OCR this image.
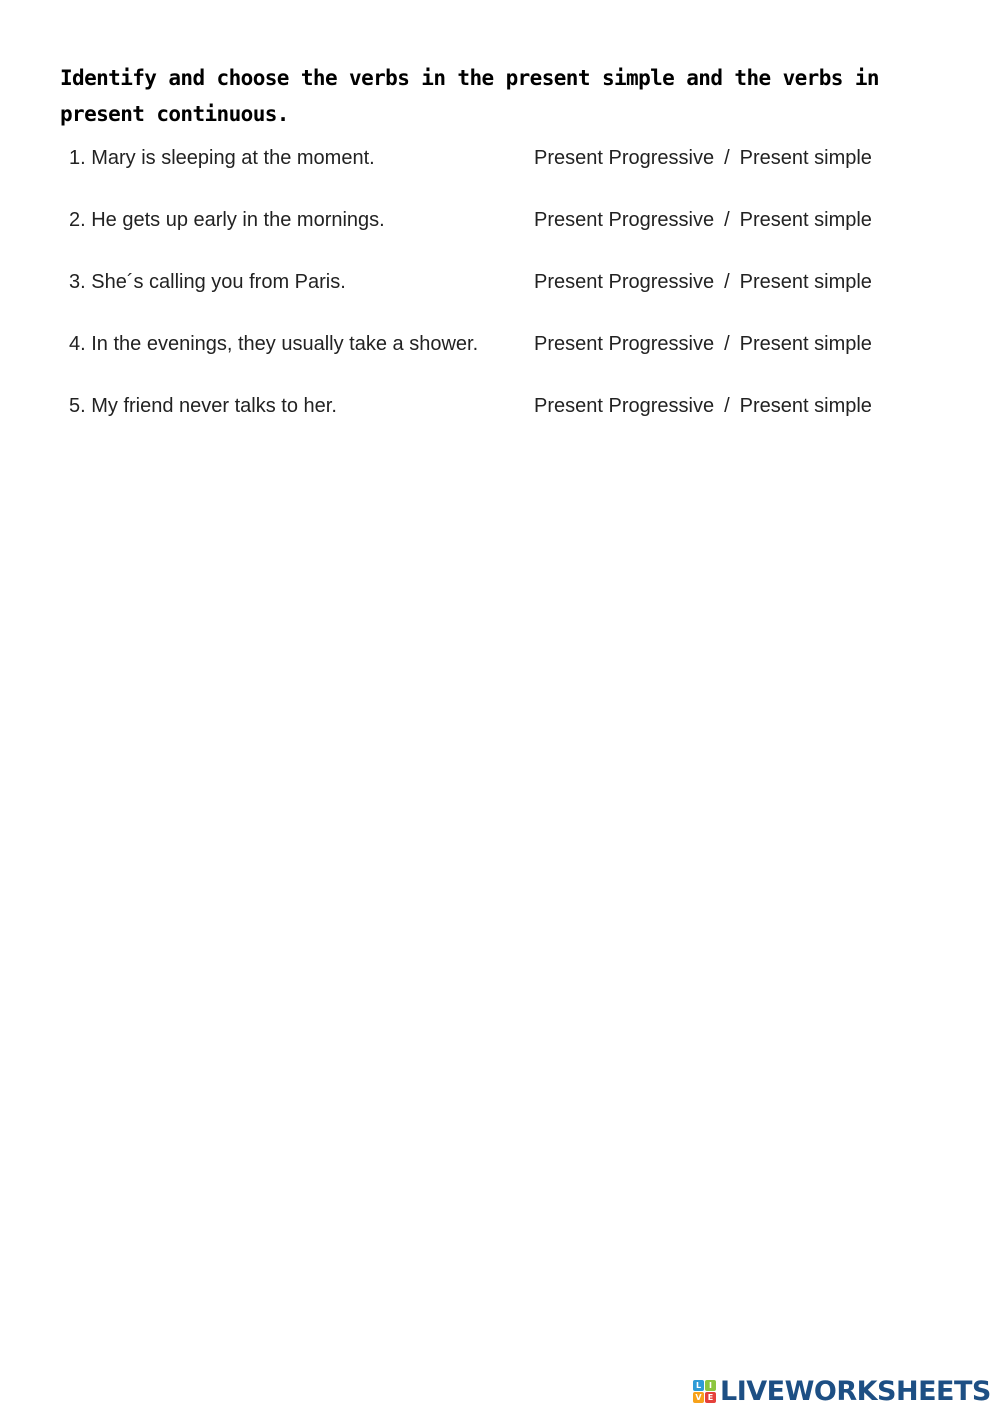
Identify and choose the verbs in the present simple and the verbs in present continuous.

1. Mary is sleeping at the moment.	Present Progressive / Present simple
2. He gets up early in the mornings.	Present Progressive / Present simple
3. She´s calling you from Paris.	Present Progressive / Present simple
4. In the evenings, they usually take a shower.	Present Progressive / Present simple
5. My friend never talks to her.	Present Progressive / Present simple
L I
V E LIVEWORKSHEETS
